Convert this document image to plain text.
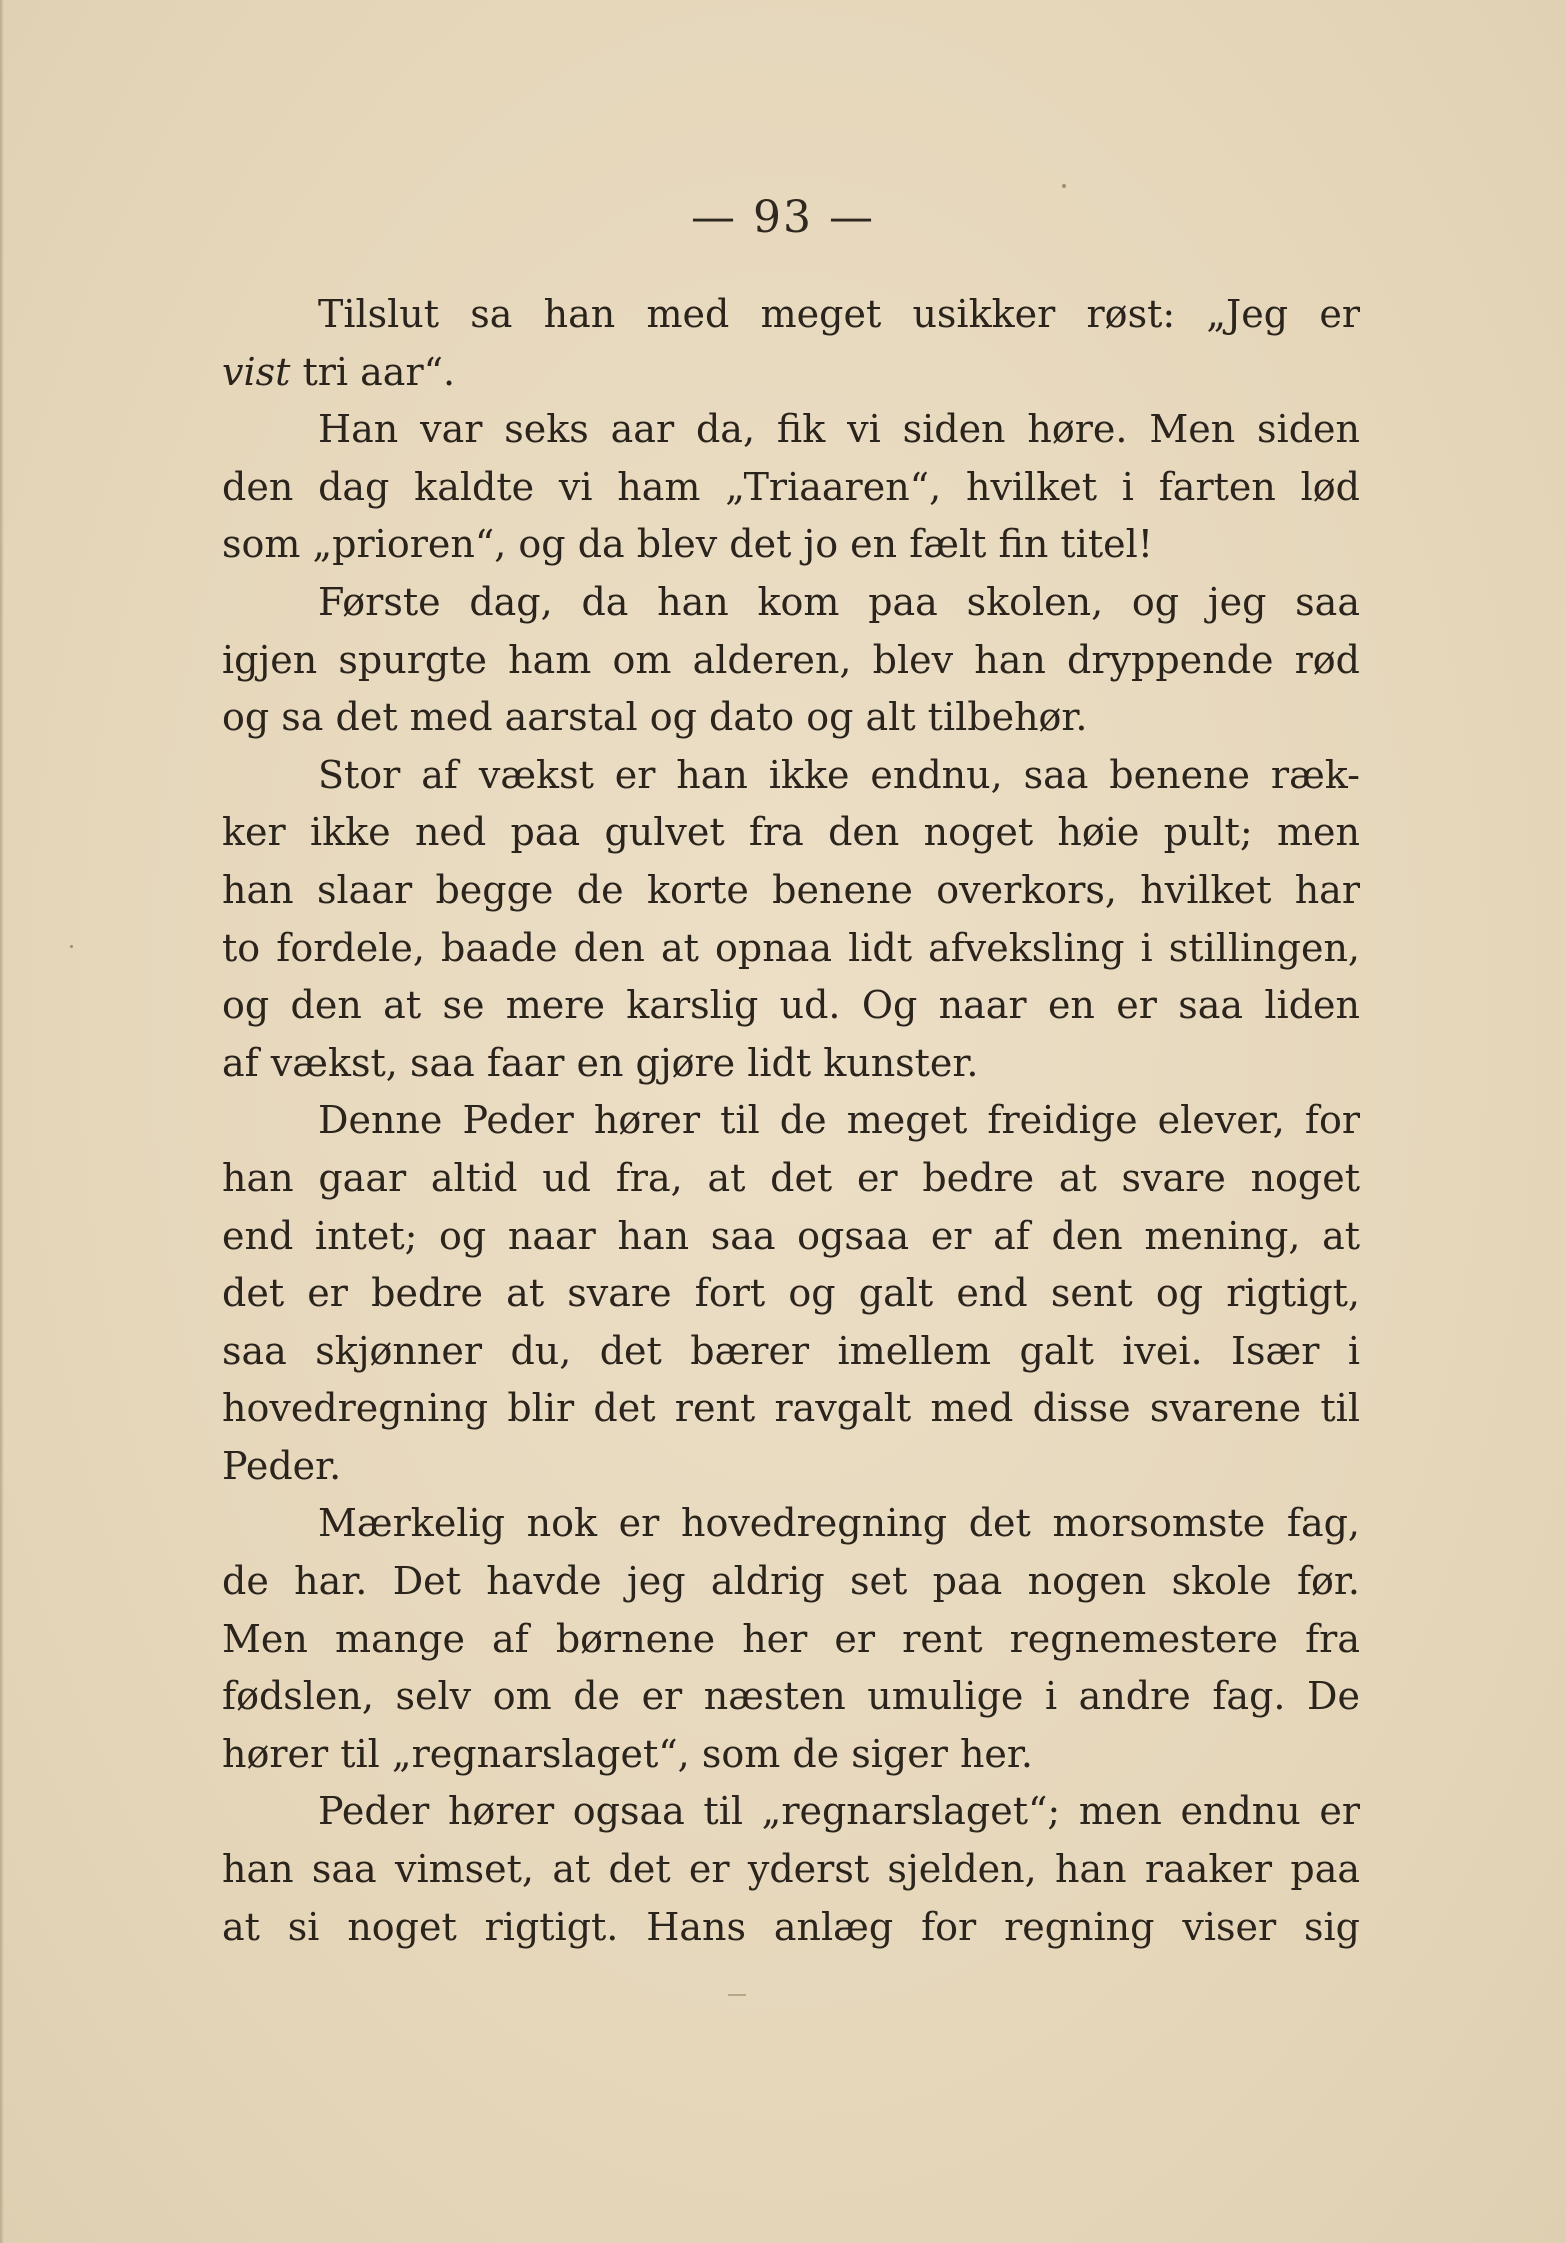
— 93 —
Tilslut sa han med meget usikker røst: „Jeg er
vist tri aar“.
Han var seks aar da, fik vi siden høre. Men siden
den dag kaldte vi ham „Triaaren“, hvilket i farten lød
som „prioren“, og da blev det jo en fælt fin titel!
Første dag, da han kom paa skolen, og jeg saa
igjen spurgte ham om alderen, blev han dryppende rød
og sa det med aarstal og dato og alt tilbehør.
Stor af vækst er han ikke endnu, saa benene ræk-
ker ikke ned paa gulvet fra den noget høie pult; men
han slaar begge de korte benene overkors, hvilket har
to fordele, baade den at opnaa lidt afveksling i stillingen,
og den at se mere karslig ud. Og naar en er saa liden
af vækst, saa faar en gjøre lidt kunster.
Denne Peder hører til de meget freidige elever, for
han gaar altid ud fra, at det er bedre at svare noget
end intet; og naar han saa ogsaa er af den mening, at
det er bedre at svare fort og galt end sent og rigtigt,
saa skjønner du, det bærer imellem galt ivei. Især i
hovedregning blir det rent ravgalt med disse svarene til
Peder.
Mærkelig nok er hovedregning det morsomste fag,
de har. Det havde jeg aldrig set paa nogen skole før.
Men mange af børnene her er rent regnemestere fra
fødslen, selv om de er næsten umulige i andre fag. De
hører til „regnarslaget“, som de siger her.
Peder hører ogsaa til „regnarslaget“; men endnu er
han saa vimset, at det er yderst sjelden, han raaker paa
at si noget rigtigt. Hans anlæg for regning viser sig
